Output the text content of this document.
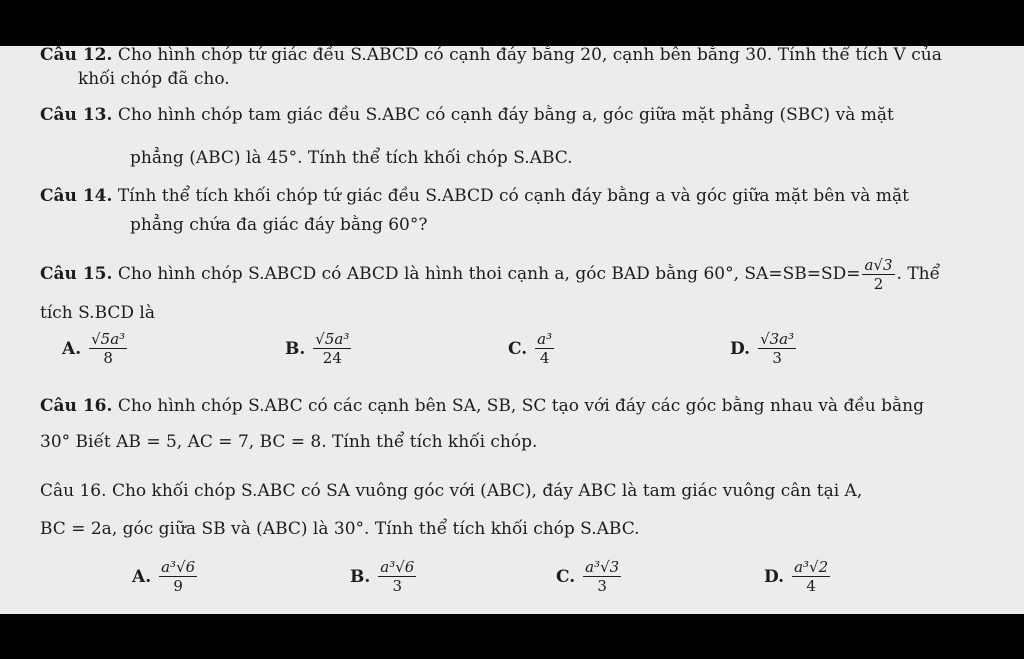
Câu 12. Cho hình chóp tứ giác đều S.ABCD có cạnh đáy bằng 20, cạnh bên bằng 30. Tính thể tích V của
khối chóp đã cho.
Câu 13. Cho hình chóp tam giác đều S.ABC có cạnh đáy bằng a, góc giữa mặt phẳng (SBC) và mặt
phẳng (ABC) là 45°. Tính thể tích khối chóp S.ABC.
Câu 14. Tính thể tích khối chóp tứ giác đều S.ABCD có cạnh đáy bằng a và góc giữa mặt bên và mặt
phẳng chứa đa giác đáy bằng 60°?
Câu 15. Cho hình chóp S.ABCD có ABCD là hình thoi cạnh a, góc BAD bằng 60°, $SA=SB=SD= \frac{a√3}{2}$ . Thể
tích S.BCD là
A. $\frac{\text{√5a³}}{8}$	B. $\frac{\text{√5a³}}{24}$	C. $\frac{\text{a³}}{4}$	D. $\frac{\text{√3a³}}{3}$
Câu 16. Cho hình chóp S.ABC có các cạnh bên SA, SB, SC tạo với đáy các góc bằng nhau và đều bằng
30° Biết AB = 5, AC = 7, BC = 8. Tính thể tích khối chóp.
Câu 16. Cho khối chóp S.ABC có SA vuông góc với (ABC), đáy ABC là tam giác vuông cân tại A,
BC = 2a, góc giữa SB và (ABC) là 30°. Tính thể tích khối chóp S.ABC.
A. $\frac{\text{a³√6}}{9}$	B. $\frac{\text{a³√6}}{3}$	C. $\frac{\text{a³√3}}{3}$	D. $\frac{\text{a³√2}}{4}$
